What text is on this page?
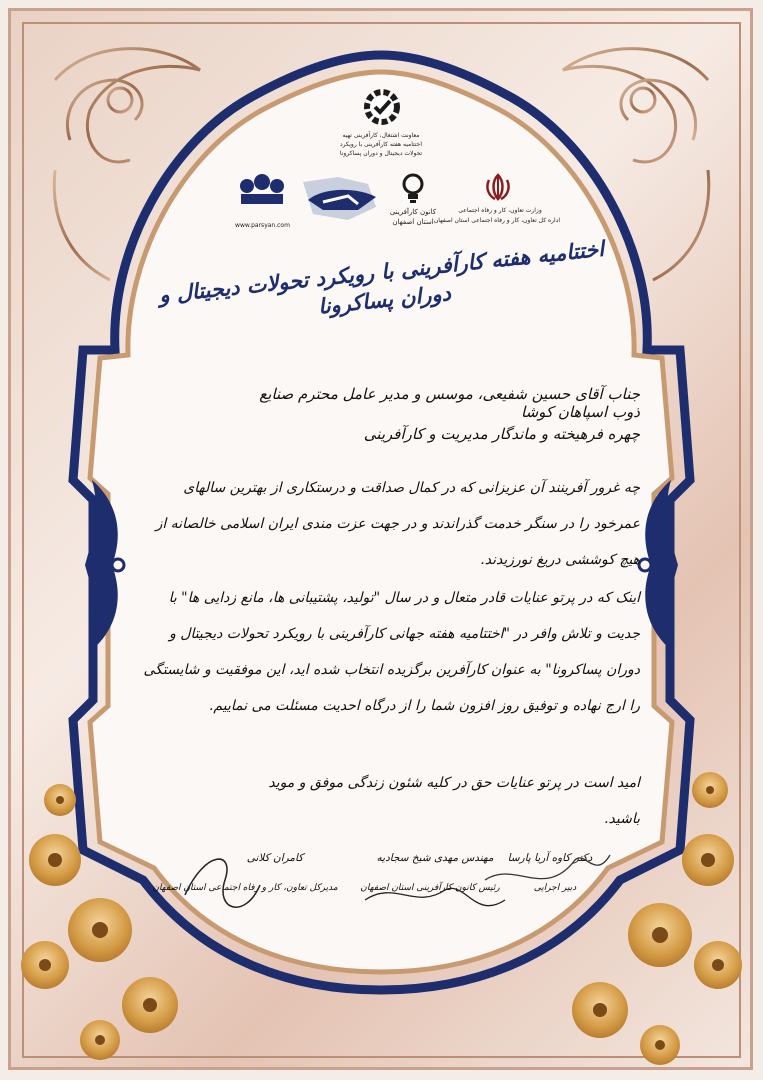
معاونت اشتغال، کارآفرینی تهیه
اختتامیه هفته کارآفرینی با رویکرد
تحولات دیجیتال و دوران پساکرونا
www.parsyan.com
کانون کارآفرینی
استان اصفهان
وزارت تعاون، کار و رفاه اجتماعی
اداره کل تعاون، کار و رفاه اجتماعی استان اصفهان
اختتامیه هفته کارآفرینی با رویکرد تحولات دیجیتال و دوران پساکرونا
جناب آقای حسین شفیعی، موسس و مدیر عامل محترم صنایع ذوب اسپاهان کوشا
چهره فرهیخته و ماندگار مدیریت و کارآفرینی
چه غرور آفرینند آن عزیزانی که در کمال صداقت و درستکاری از بهترین سالهای عمرخود را در سنگر خدمت گذراندند و در جهت عزت مندی ایران اسلامی خالصانه از هیچ کوششی دریغ نورزیدند.
اینک که در پرتو عنایات قادر متعال و در سال "تولید، پشتیبانی ها، مانع زدایی ها" با جدیت و تلاش وافر در "اختتامیه هفته جهانی کارآفرینی با رویکرد تحولات دیجیتال و دوران پساکرونا" به عنوان کارآفرین برگزیده انتخاب شده اید، این موفقیت و شایستگی را ارج نهاده و توفیق روز افزون شما را از درگاه احدیت مسئلت می نماییم.
امید است در پرتو عنایات حق در کلیه شئون زندگی موفق و موید باشید.
کامران کلانی
مدیرکل تعاون، کار و رفاه اجتماعی استان اصفهان
مهندس مهدی شیخ سجادیه
رئیس کانون کارآفرینی استان اصفهان
دکتر کاوه آریا پارسا
دبیر اجرایی
